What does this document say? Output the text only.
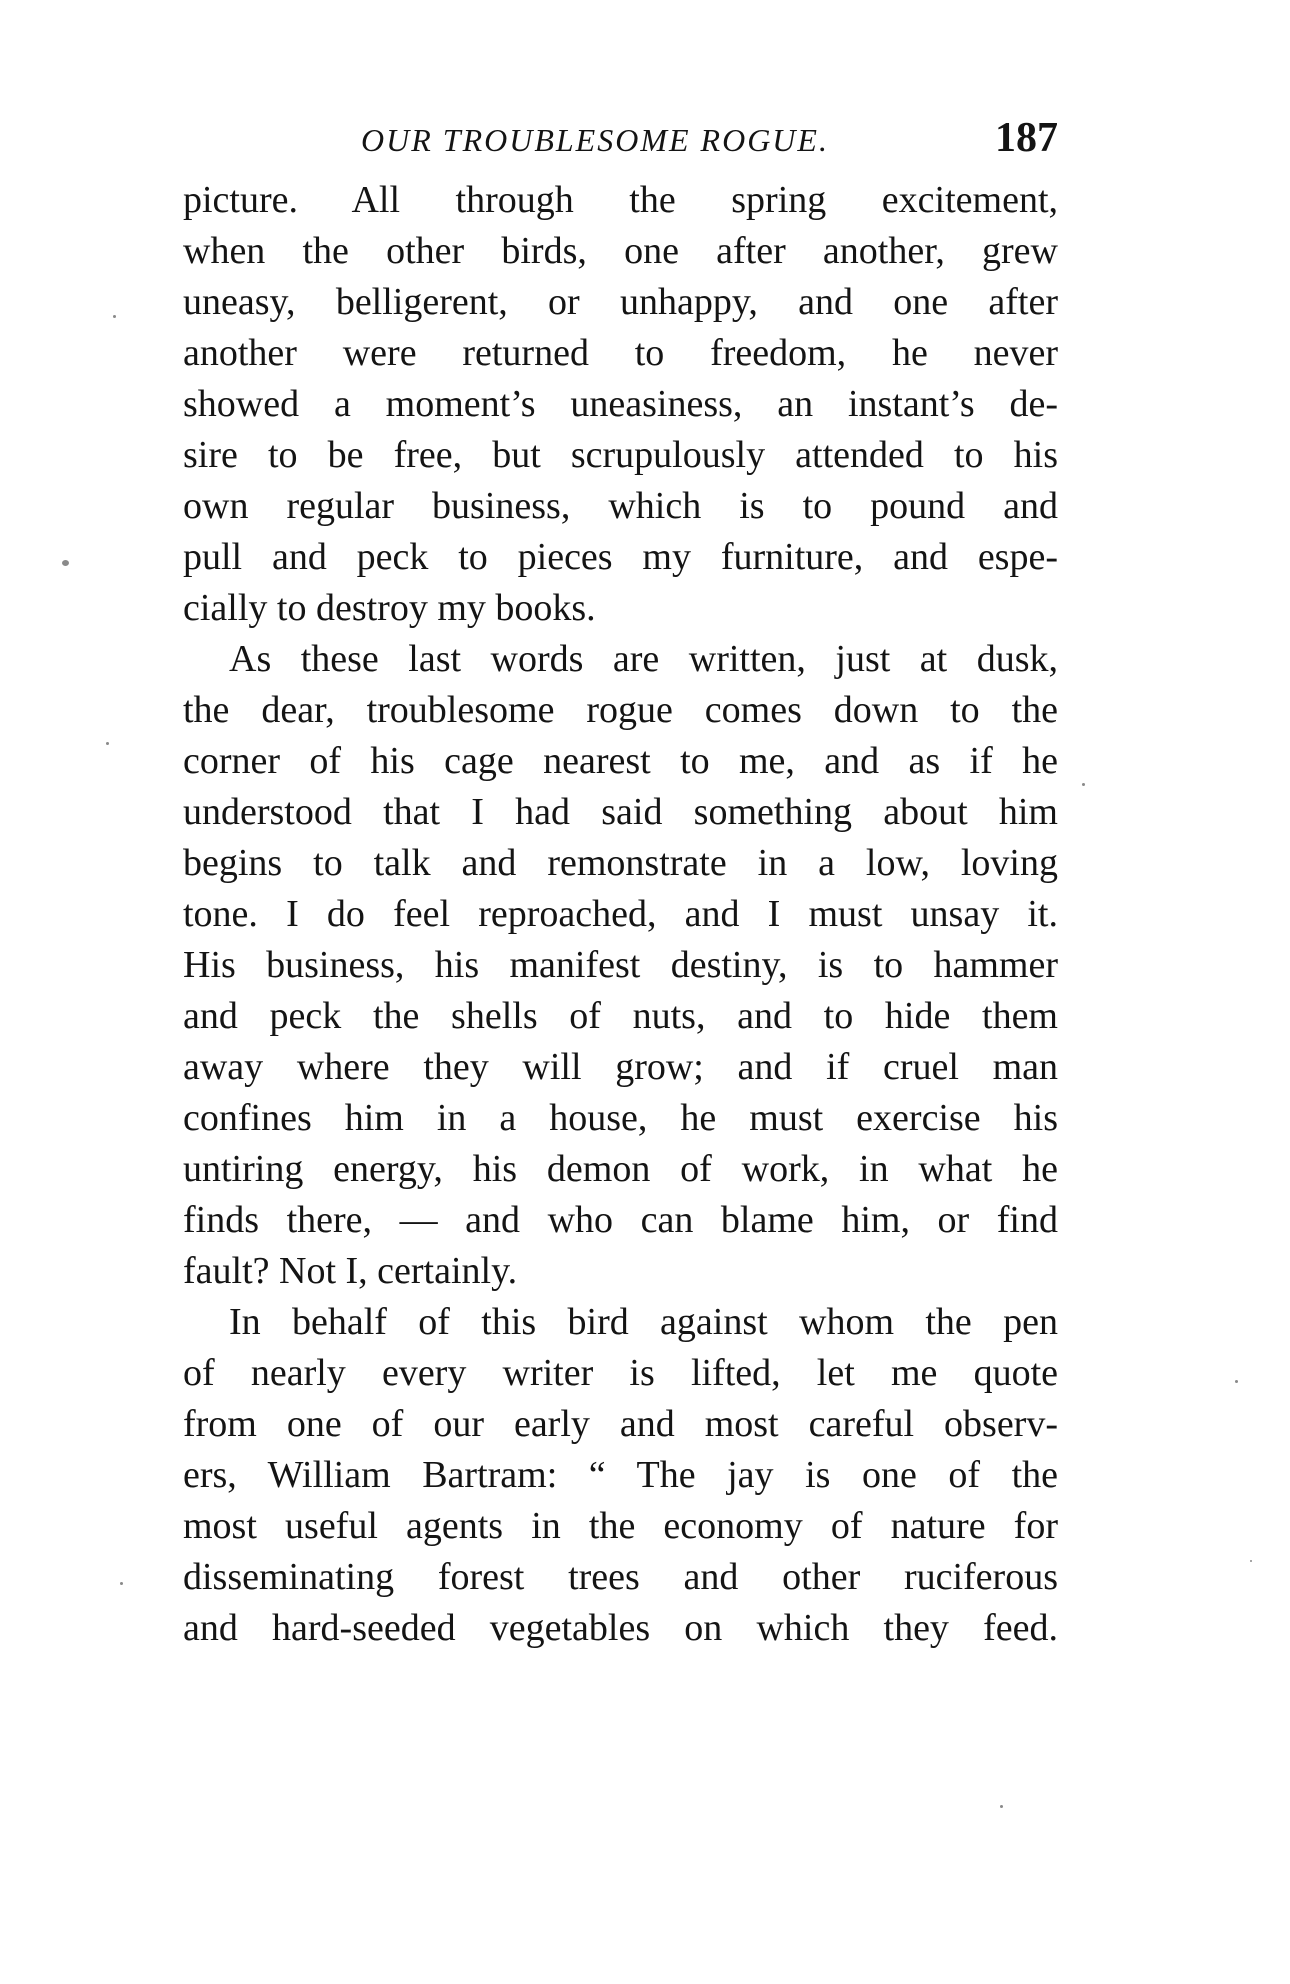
OUR TROUBLESOME ROGUE.	187
picture. All through the spring excitement,
when the other birds, one after another, grew
uneasy, belligerent, or unhappy, and one after
another were returned to freedom, he never
showed a moment’s uneasiness, an instant’s de-
sire to be free, but scrupulously attended to his
own regular business, which is to pound and
pull and peck to pieces my furniture, and espe-
cially to destroy my books.
As these last words are written, just at dusk,
the dear, troublesome rogue comes down to the
corner of his cage nearest to me, and as if he
understood that I had said something about him
begins to talk and remonstrate in a low, loving
tone. I do feel reproached, and I must unsay it.
His business, his manifest destiny, is to hammer
and peck the shells of nuts, and to hide them
away where they will grow; and if cruel man
confines him in a house, he must exercise his
untiring energy, his demon of work, in what he
finds there, — and who can blame him, or find
fault? Not I, certainly.
In behalf of this bird against whom the pen
of nearly every writer is lifted, let me quote
from one of our early and most careful observ-
ers, William Bartram: “ The jay is one of the
most useful agents in the economy of nature for
disseminating forest trees and other ruciferous
and hard-seeded vegetables on which they feed.
